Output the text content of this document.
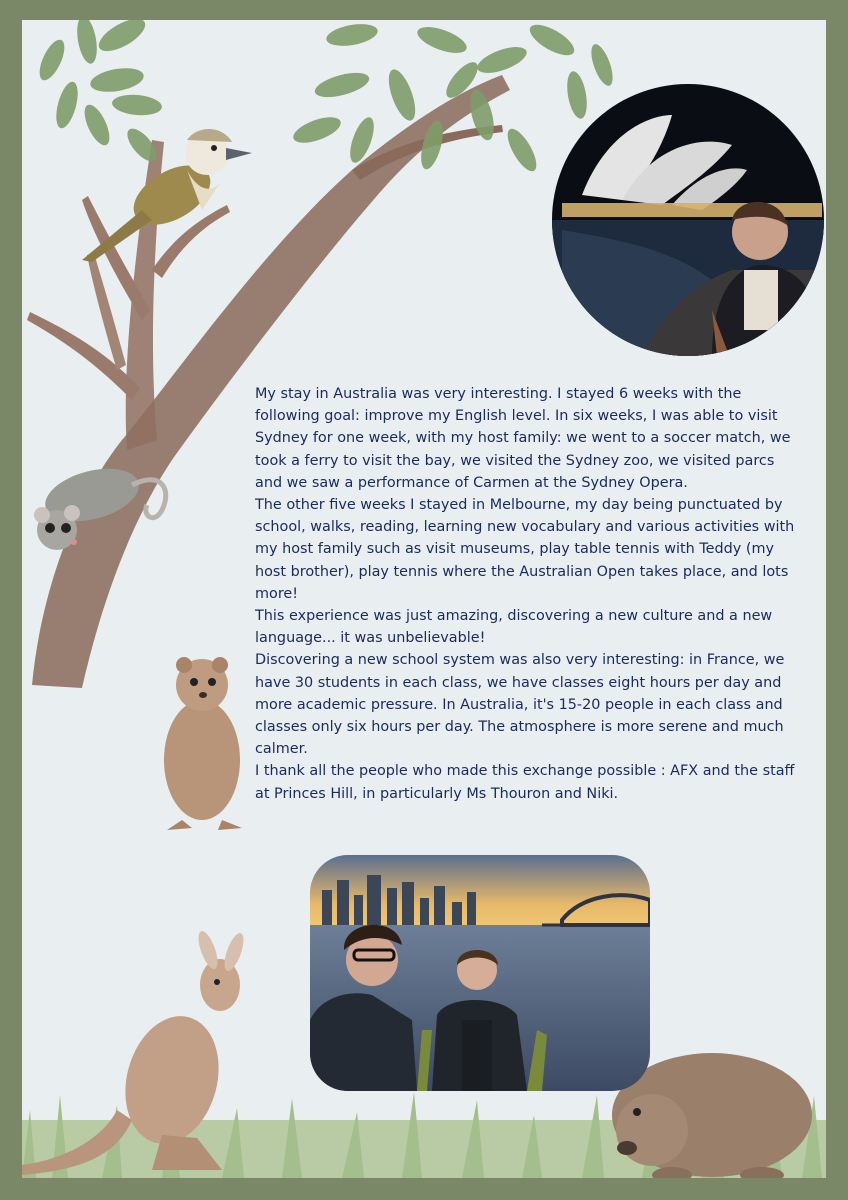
My stay in Australia was very interesting. I stayed 6 weeks with the following goal: improve my English level. In six weeks, I was able to visit Sydney for one week, with my host family: we went to a soccer match, we took a ferry to visit the bay, we visited the Sydney zoo, we visited parcs and we saw a performance of Carmen at the Sydney Opera.

The other five weeks I stayed in Melbourne, my day being punctuated by school, walks, reading, learning new vocabulary and various activities with my host family such as visit museums, play table tennis with Teddy (my host brother), play tennis where the Australian Open takes place, and lots more!

This experience was just amazing, discovering a new culture and a new language... it was unbelievable!

Discovering a new school system was also very interesting: in France, we have 30 students in each class, we have classes eight hours per day and more academic pressure. In Australia, it's 15-20 people in each class and classes only six hours per day. The atmosphere is more serene and much calmer.

I thank all the people who made this exchange possible : AFX and the staff at Princes Hill, in particularly Ms Thouron and Niki.
